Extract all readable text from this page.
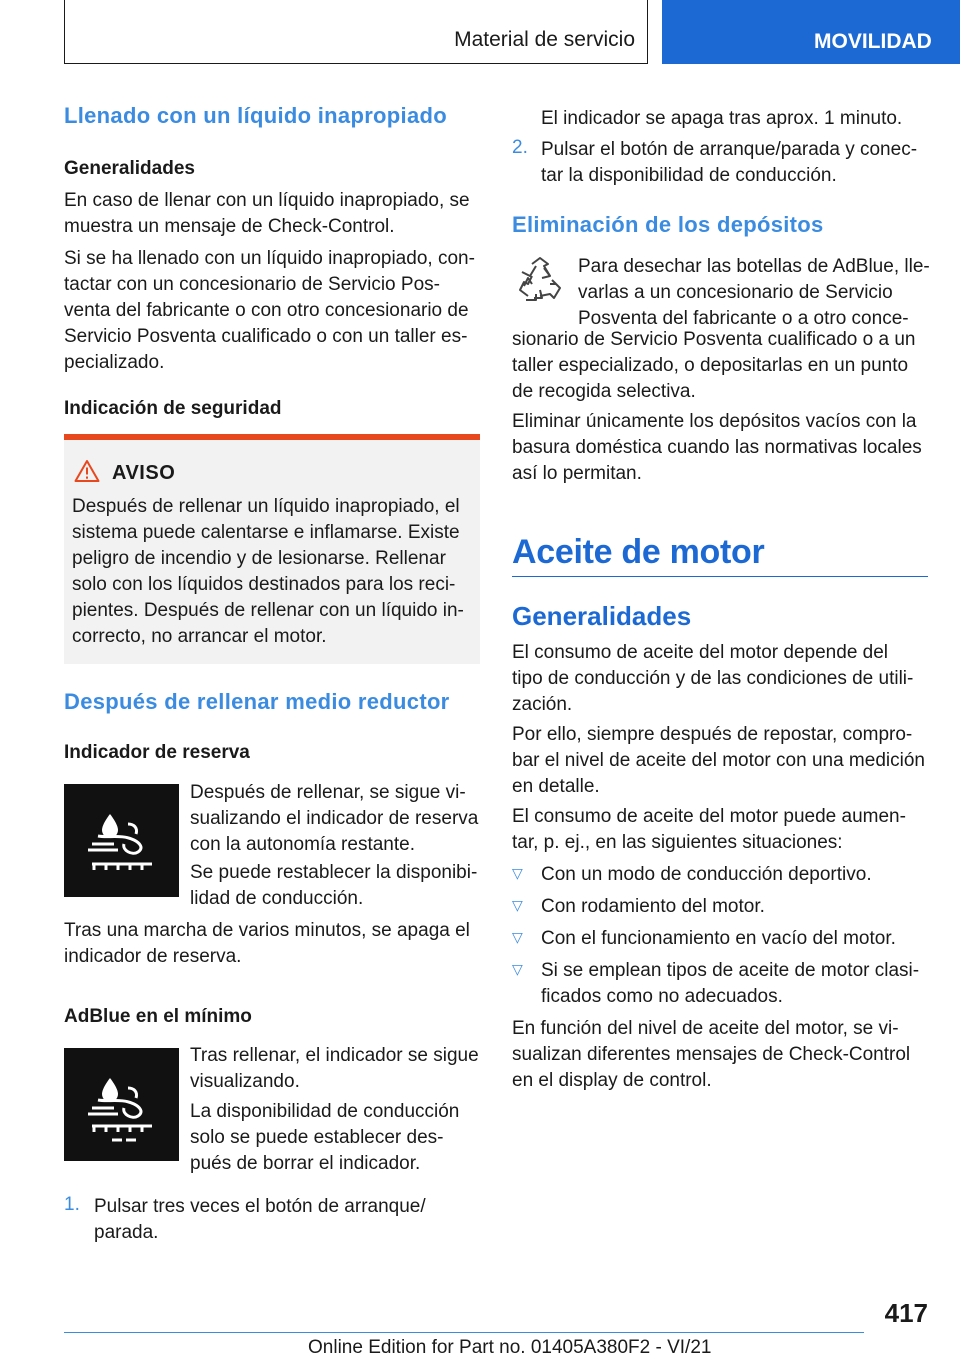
Material de servicio	MOVILIDAD
Llenado con un líquido inapropiado
Generalidades

En caso de llenar con un líquido inapropiado, se

muestra un mensaje de Check-Control.

Si se ha llenado con un líquido inapropiado, con-

tactar con un concesionario de Servicio Pos-

venta del fabricante o con otro concesionario de

Servicio Posventa cualificado o con un taller es-

pecializado.

Indicación de seguridad
AVISO

Después de rellenar un líquido inapropiado, el

sistema puede calentarse e inflamarse. Existe

peligro de incendio y de lesionarse. Rellenar

solo con los líquidos destinados para los reci-

pientes. Después de rellenar con un líquido in-

correcto, no arrancar el motor.

Después de rellenar medio reductor
Indicador de reserva

Después de rellenar, se sigue vi-

sualizando el indicador de reserva

con la autonomía restante.

Se puede restablecer la disponibi-

lidad de conducción.

Tras una marcha de varios minutos, se apaga el

indicador de reserva.

AdBlue en el mínimo

Tras rellenar, el indicador se sigue

visualizando.

La disponibilidad de conducción

solo se puede establecer des-

pués de borrar el indicador.

1. Pulsar tres veces el botón de arranque/

parada.

El indicador se apaga tras aprox. 1 minuto.

2. Pulsar el botón de arranque/parada y conec-

tar la disponibilidad de conducción.

Eliminación de los depósitos

Para desechar las botellas de AdBlue, lle-

varlas a un concesionario de Servicio

Posventa del fabricante o a otro conce-

sionario de Servicio Posventa cualificado o a un

taller especializado, o depositarlas en un punto

de recogida selectiva.

Eliminar únicamente los depósitos vacíos con la

basura doméstica cuando las normativas locales

así lo permitan.

Aceite de motor
Generalidades

El consumo de aceite del motor depende del

tipo de conducción y de las condiciones de utili-

zación.

Por ello, siempre después de repostar, compro-

bar el nivel de aceite del motor con una medición

en detalle.

El consumo de aceite del motor puede aumen-

tar, p. ej., en las siguientes situaciones:

▽ Con un modo de conducción deportivo.

▽ Con rodamiento del motor.

▽ Con el funcionamiento en vacío del motor.

▽ Si se emplean tipos de aceite de motor clasi-

ficados como no adecuados.

En función del nivel de aceite del motor, se vi-

sualizan diferentes mensajes de Check-Control

en el display de control.

417
Online Edition for Part no. 01405A380F2 - VI/21
